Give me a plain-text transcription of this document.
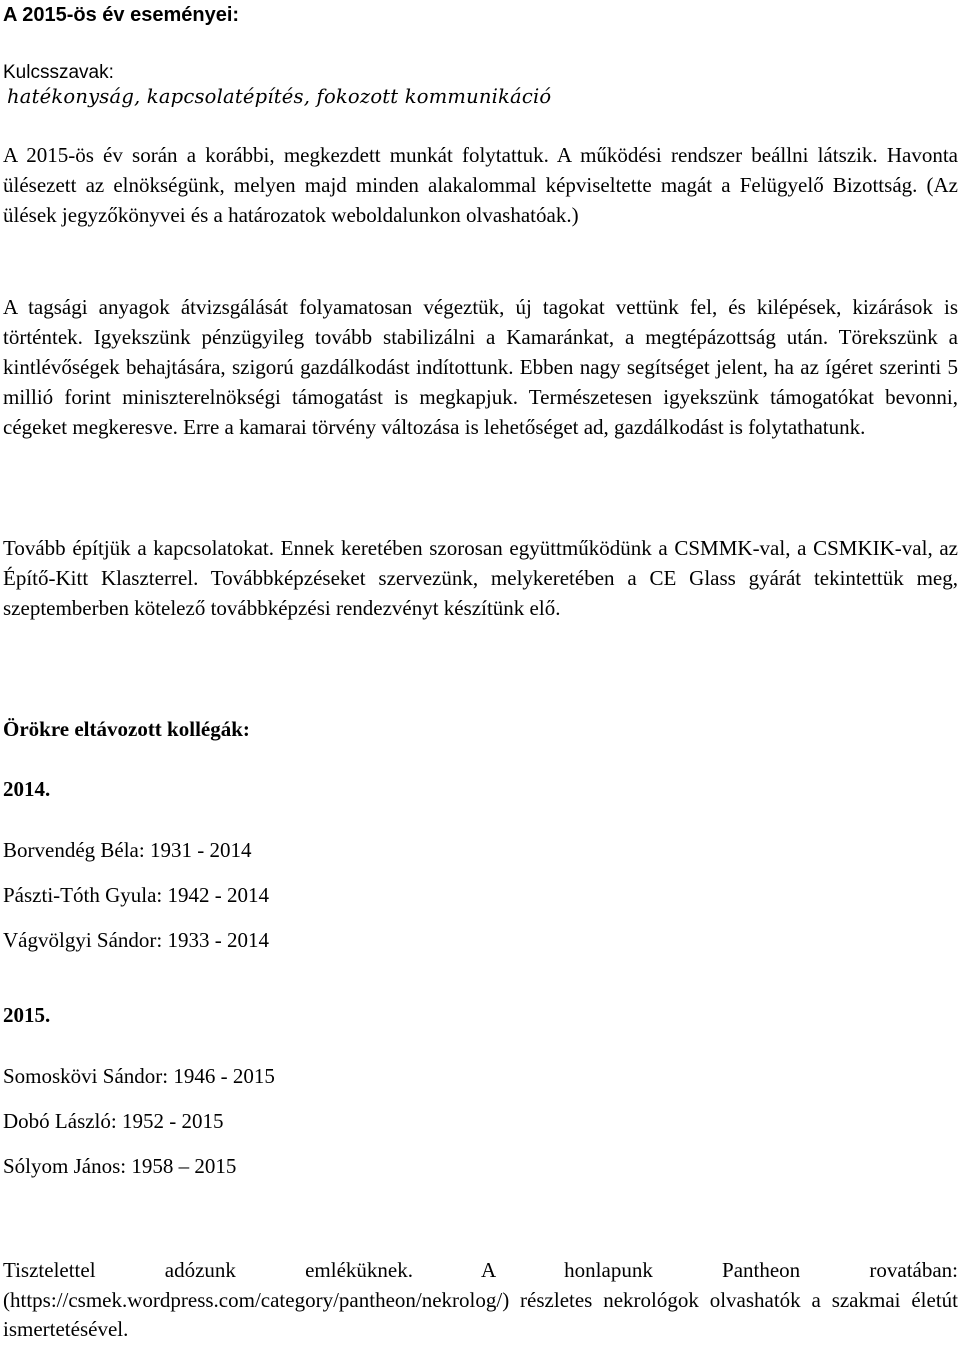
A 2015-ös év eseményei:
Kulcsszavak:
hatékonyság, kapcsolatépítés, fokozott kommunikáció

A 2015-ös év során a korábbi, megkezdett munkát folytattuk. A működési rendszer beállni látszik. Havonta ülésezett az elnökségünk, melyen majd minden alakalommal képviseltette magát a Felügyelő Bizottság. (Az ülések jegyzőkönyvei és a határozatok weboldalunkon olvashatóak.)

A tagsági anyagok átvizsgálását folyamatosan végeztük, új tagokat vettünk fel, és kilépések, kizárások is történtek. Igyekszünk pénzügyileg tovább stabilizálni a Kamaránkat, a megtépázottság után. Törekszünk a kintlévőségek behajtására, szigorú gazdálkodást indítottunk. Ebben nagy segítséget jelent, ha az ígéret szerinti 5 millió forint miniszterelnökségi támogatást is megkapjuk. Természetesen igyekszünk támogatókat bevonni, cégeket megkeresve. Erre a kamarai törvény változása is lehetőséget ad, gazdálkodást is folytathatunk.

Tovább építjük a kapcsolatokat. Ennek keretében szorosan együttműködünk a CSMMK-val, a CSMKIK-val, az Építő-Kitt Klaszterrel. Továbbképzéseket szervezünk, melykeretében a CE Glass gyárát tekintettük meg, szeptemberben kötelező továbbképzési rendezvényt készítünk elő.

Örökre eltávozott kollégák:
2014.

Borvendég Béla: 1931 - 2014

Pászti-Tóth Gyula: 1942 - 2014

Vágvölgyi Sándor: 1933 - 2014

2015.

Somoskövi Sándor: 1946 - 2015

Dobó László: 1952 - 2015

Sólyom János: 1958 – 2015

Tisztelettel adózunk emléküknek. A honlapunk Pantheon rovatában: (https://csmek.wordpress.com/category/pantheon/nekrolog/) részletes nekrológok olvashatók a szakmai életút ismertetésével.
